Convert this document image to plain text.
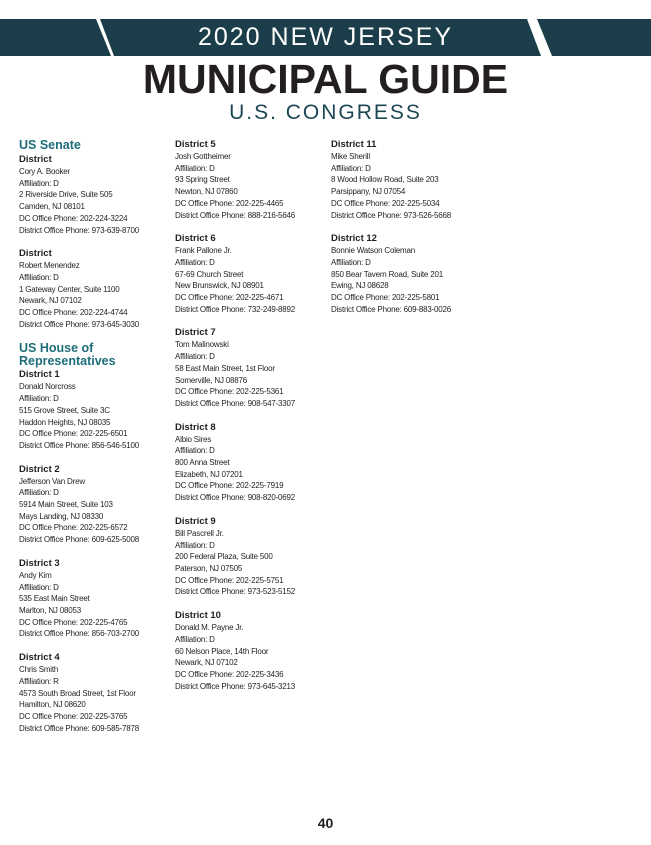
2020 NEW JERSEY
MUNICIPAL GUIDE
U.S. CONGRESS
US Senate
District
Cory A. Booker
Affiliation: D
2 Riverside Drive, Suite 505
Camden, NJ 08101
DC Office Phone: 202-224-3224
District Office Phone: 973-639-8700
District
Robert Menendez
Affiliation: D
1 Gateway Center, Suite 1100
Newark, NJ 07102
DC Office Phone: 202-224-4744
District Office Phone: 973-645-3030
US House of
Representatives
District 1
Donald Norcross
Affiliation: D
515 Grove Street, Suite 3C
Haddon Heights, NJ 08035
DC Office Phone: 202-225-6501
District Office Phone: 856-546-5100
District 2
Jefferson Van Drew
Affiliation: D
5914 Main Street, Suite 103
Mays Landing, NJ 08330
DC Office Phone: 202-225-6572
District Office Phone: 609-625-5008
District 3
Andy Kim
Affiliation: D
535 East Main Street
Marlton, NJ 08053
DC Office Phone: 202-225-4765
District Office Phone: 856-703-2700
District 4
Chris Smith
Affiliation: R
4573 South Broad Street, 1st Floor
Hamilton, NJ 08620
DC Office Phone: 202-225-3765
District Office Phone: 609-585-7878
District 5
Josh Gottheimer
Affiliation: D
93 Spring Street
Newton, NJ 07860
DC Office Phone: 202-225-4465
District Office Phone: 888-216-5646
District 6
Frank Pallone Jr.
Affiliation: D
67-69 Church Street
New Brunswick, NJ 08901
DC Office Phone: 202-225-4671
District Office Phone: 732-249-8892
District 7
Tom Malinowski
Affiliation: D
58 East Main Street, 1st Floor
Somerville, NJ 08876
DC Office Phone: 202-225-5361
District Office Phone: 908-547-3307
District 8
Albio Sires
Affiliation: D
800 Anna Street
Elizabeth, NJ 07201
DC Office Phone: 202-225-7919
District Office Phone: 908-820-0692
District 9
Bill Pascrell Jr.
Affiliation: D
200 Federal Plaza, Suite 500
Paterson, NJ 07505
DC Office Phone: 202-225-5751
District Office Phone: 973-523-5152
District 10
Donald M. Payne Jr.
Affiliation: D
60 Nelson Place, 14th Floor
Newark, NJ 07102
DC Office Phone: 202-225-3436
District Office Phone: 973-645-3213
District 11
Mike Sherill
Affiliation: D
8 Wood Hollow Road, Suite 203
Parsippany, NJ 07054
DC Office Phone: 202-225-5034
District Office Phone: 973-526-5668
District 12
Bonnie Watson Coleman
Affiliation: D
850 Bear Tavern Road, Suite 201
Ewing, NJ 08628
DC Office Phone: 202-225-5801
District Office Phone: 609-883-0026
40
